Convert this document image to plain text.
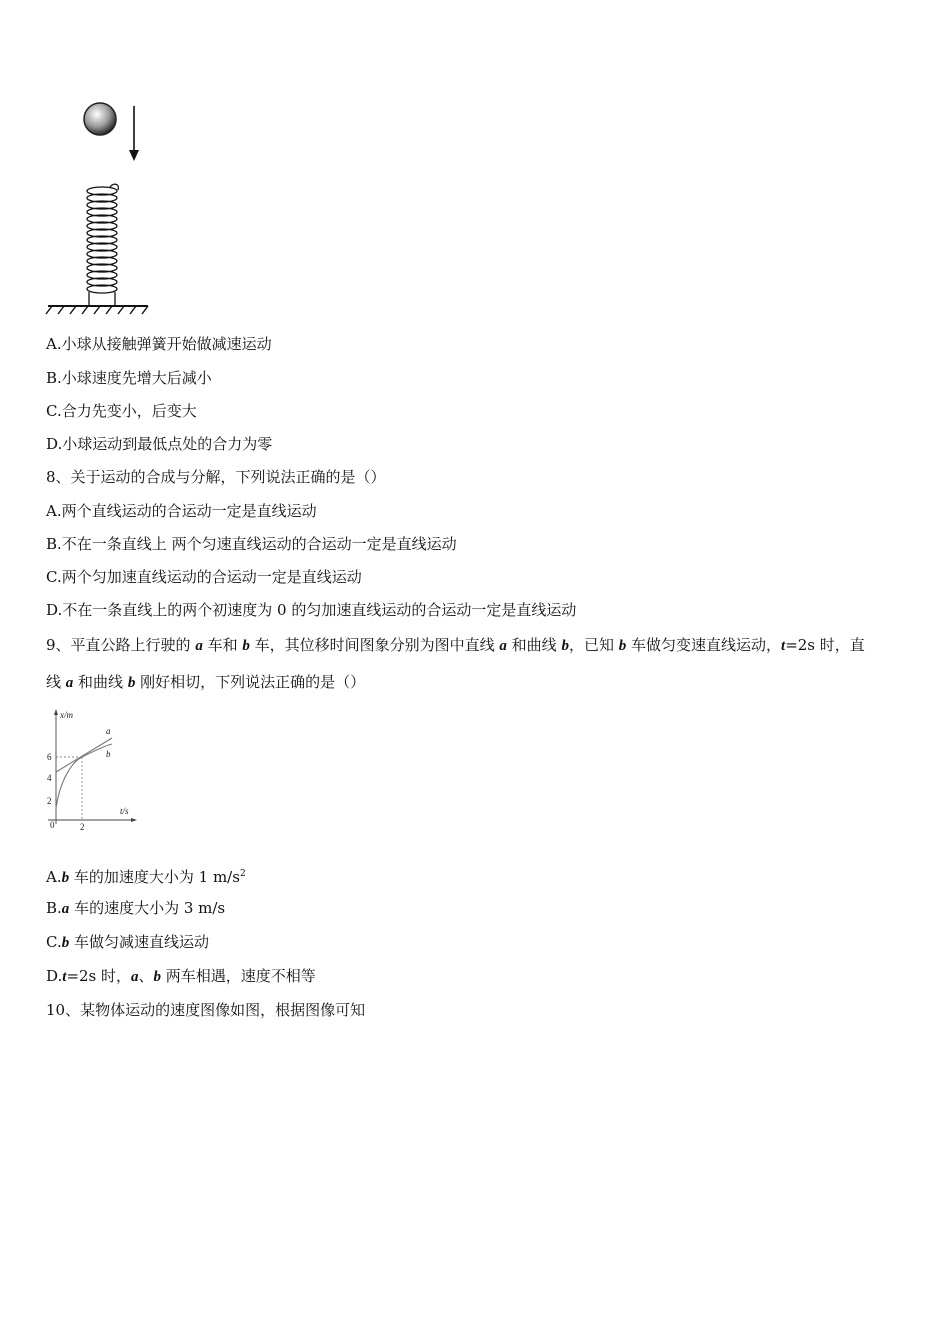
A.小球从接触弹簧开始做减速运动
B.小球速度先增大后减小
C.合力先变小，后变大
D.小球运动到最低点处的合力为零
8、关于运动的合成与分解，下列说法正确的是（）
A.两个直线运动的合运动一定是直线运动
B.不在一条直线上 两个匀速直线运动的合运动一定是直线运动
C.两个匀加速直线运动的合运动一定是直线运动
D.不在一条直线上的两个初速度为 0 的匀加速直线运动的合运动一定是直线运动
9、平直公路上行驶的 a 车和 b 车，其位移时间图象分别为图中直线 a 和曲线 b，已知 b 车做匀变速直线运动，t=2s 时，直
线 a 和曲线 b 刚好相切，下列说法正确的是（）
x/m
t/s
6
4
2
0	2
a
b
A.b 车的加速度大小为 1 $m/s^2$
B.a 车的速度大小为 3 m/s
C.b 车做匀减速直线运动
D.t=2s 时，a、b 两车相遇，速度不相等
10、某物体运动的速度图像如图，根据图像可知
